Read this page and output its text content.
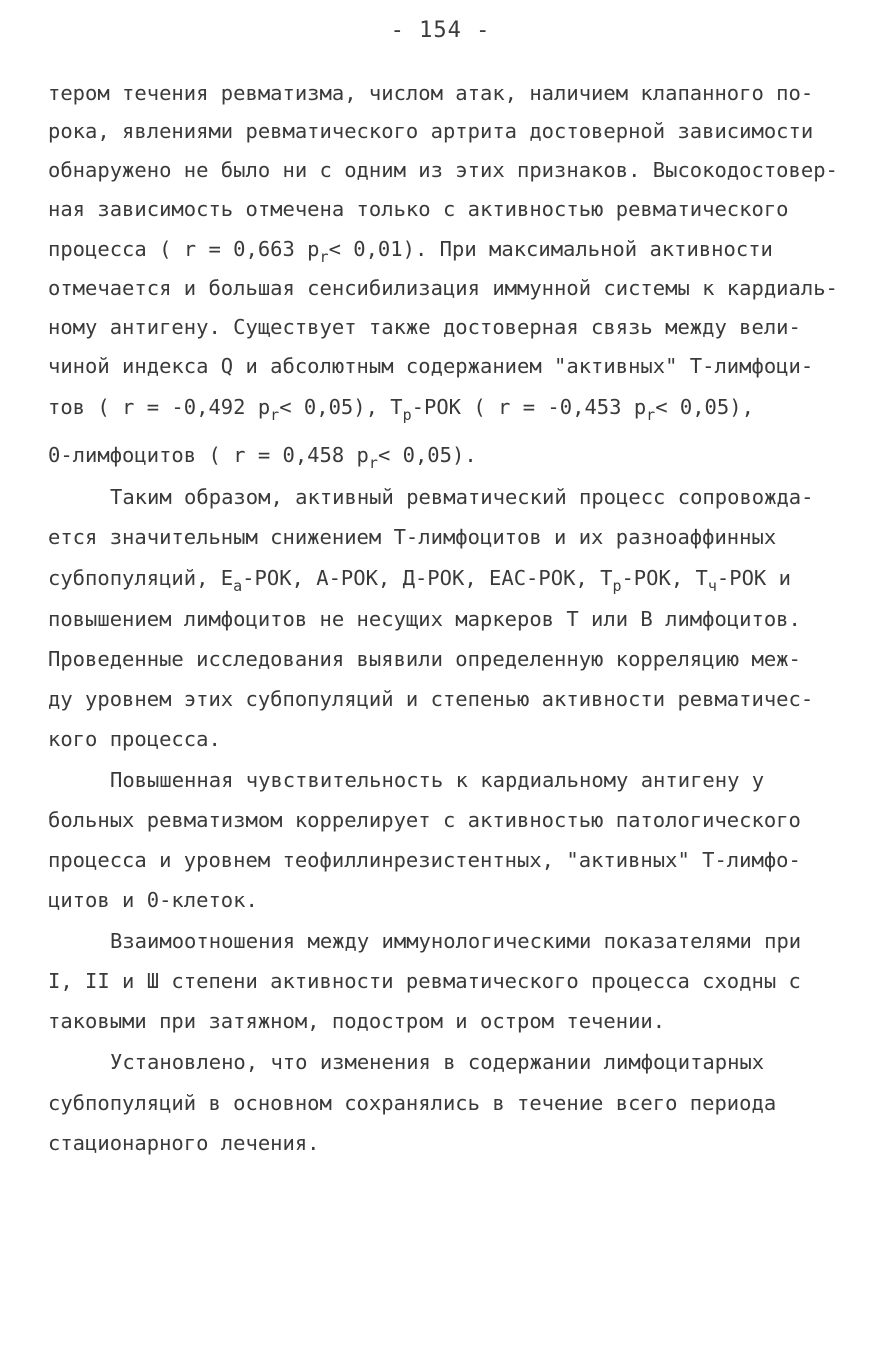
- 154 -
тером течения ревматизма, числом атак, наличием клапанного по-
рока, явлениями ревматического артрита достоверной зависимости
обнаружено не было ни с одним из этих признаков. Высокодостовер-
ная зависимость отмечена только с активностью ревматического
процесса ( r = 0,663 $p_r< 0,01$). При максимальной активности
отмечается и большая сенсибилизация иммунной системы к кардиаль-
ному антигену. Существует также достоверная связь между вели-
чиной индекса Q и абсолютным содержанием "активных" Т-лимфоци-
тов ( r = -0,492 $p_r< 0,05$), $T_p$-РОК ( r = -0,453 $p_r< 0,05$),
0-лимфоцитов ( r = 0,458 $p_r< 0,05$).
Таким образом, активный ревматический процесс сопровожда-
ется значительным снижением Т-лимфоцитов и их разноаффинных
субпопуляций, $E_a$-РОК, А-РОК, Д-РОК, ЕАС-РОК, $T_p$-РОК, $T_ч$-РОК и
повышением лимфоцитов не несущих маркеров Т или В лимфоцитов.
Проведенные исследования выявили определенную корреляцию меж-
ду уровнем этих субпопуляций и степенью активности ревматичес-
кого процесса.
Повышенная чувствительность к кардиальному антигену у
больных ревматизмом коррелирует с активностью патологического
процесса и уровнем теофиллинрезистентных, "активных" Т-лимфо-
цитов и 0-клеток.
Взаимоотношения между иммунологическими показателями при
I, II и Ш степени активности ревматического процесса сходны с
таковыми при затяжном, подостром и остром течении.
Установлено, что изменения в содержании лимфоцитарных
субпопуляций в основном сохранялись в течение всего периода
стационарного лечения.
